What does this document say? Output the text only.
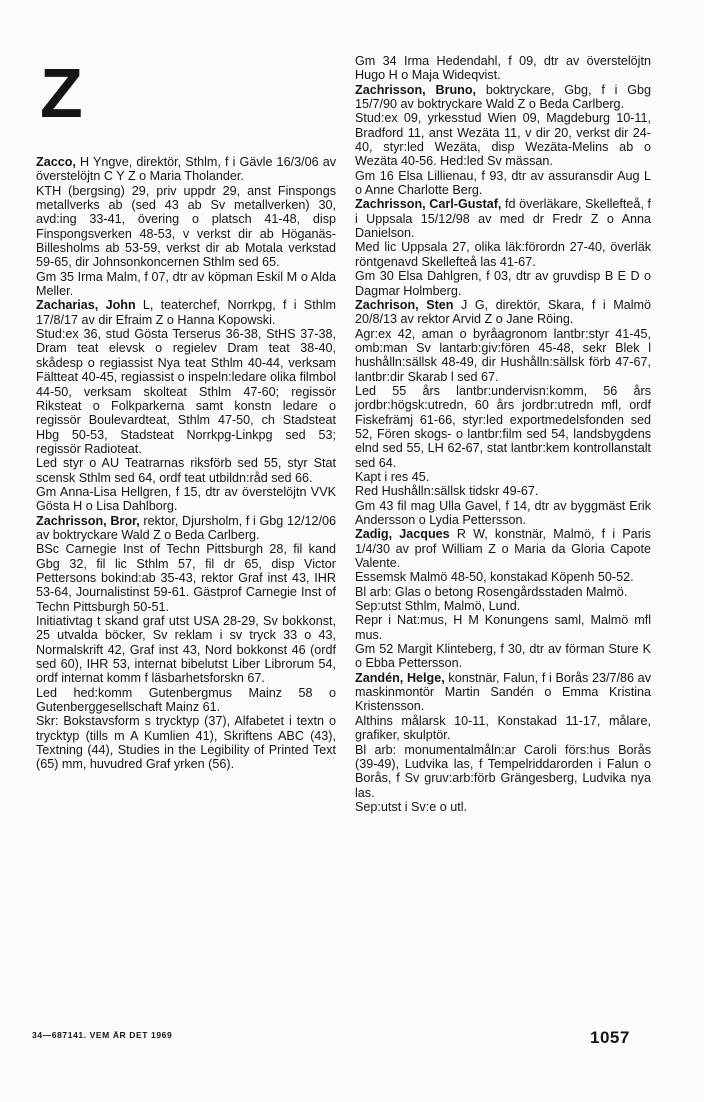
Z

Zacco, H Yngve, direktör, Sthlm, f i Gävle 16/3/06 av överstelöjtn C Y Z o Maria Tholander.

KTH (bergsing) 29, priv uppdr 29, anst Finspongs metallverks ab (sed 43 ab Sv metallverken) 30, avd:ing 33-41, övering o platsch 41-48, disp Finspongsverken 48-53, v verkst dir ab Höganäs-Billesholms ab 53-59, verkst dir ab Motala verkstad 59-65, dir Johnsonkoncernen Sthlm sed 65.

Gm 35 Irma Malm, f 07, dtr av köpman Eskil M o Alda Meller.

Zacharias, John L, teaterchef, Norrkpg, f i Sthlm 17/8/17 av dir Efraim Z o Hanna Kopowski.

Stud:ex 36, stud Gösta Terserus 36-38, StHS 37-38, Dram teat elevsk o regielev Dram teat 38-40, skådesp o regiassist Nya teat Sthlm 40-44, verksam Fältteat 40-45, regiassist o inspeln:ledare olika filmbol 44-50, verksam skolteat Sthlm 47-60; regissör Riksteat o Folkparkerna samt konstn ledare o regissör Boulevardteat, Sthlm 47-50, ch Stadsteat Hbg 50-53, Stadsteat Norrkpg-Linkpg sed 53; regissör Radioteat.

Led styr o AU Teatrarnas riksförb sed 55, styr Stat scensk Sthlm sed 64, ordf teat utbildn:råd sed 66.

Gm Anna-Lisa Hellgren, f 15, dtr av överstelöjtn VVK Gösta H o Lisa Dahlborg.

Zachrisson, Bror, rektor, Djursholm, f i Gbg 12/12/06 av boktryckare Wald Z o Beda Carlberg.

BSc Carnegie Inst of Techn Pittsburgh 28, fil kand Gbg 32, fil lic Sthlm 57, fil dr 65, disp Victor Pettersons bokind:ab 35-43, rektor Graf inst 43, IHR 53-64, Journalistinst 59-61. Gästprof Carnegie Inst of Techn Pittsburgh 50-51.

Initiativtag t skand graf utst USA 28-29, Sv bokkonst, 25 utvalda böcker, Sv reklam i sv tryck 33 o 43, Normalskrift 42, Graf inst 43, Nord bokkonst 46 (ordf sed 60), IHR 53, internat bibelutst Liber Librorum 54, ordf internat komm f läsbarhetsforskn 67.

Led hed:komm Gutenbergmus Mainz 58 o Gutenberggesellschaft Mainz 61.

Skr: Bokstavsform s trycktyp (37), Alfabetet i textn o trycktyp (tills m A Kumlien 41), Skriftens ABC (43), Textning (44), Studies in the Legibility of Printed Text (65) mm, huvudred Graf yrken (56).

Gm 34 Irma Hedendahl, f 09, dtr av överstelöjtn Hugo H o Maja Wideqvist.

Zachrisson, Bruno, boktryckare, Gbg, f i Gbg 15/7/90 av boktryckare Wald Z o Beda Carlberg.

Stud:ex 09, yrkesstud Wien 09, Magdeburg 10-11, Bradford 11, anst Wezäta 11, v dir 20, verkst dir 24-40, styr:led Wezäta, disp Wezäta-Melins ab o Wezäta 40-56. Hed:led Sv mässan.

Gm 16 Elsa Lillienau, f 93, dtr av assuransdir Aug L o Anne Charlotte Berg.

Zachrisson, Carl-Gustaf, fd överläkare, Skellefteå, f i Uppsala 15/12/98 av med dr Fredr Z o Anna Danielson.

Med lic Uppsala 27, olika läk:förordn 27-40, överläk röntgenavd Skellefteå las 41-67.

Gm 30 Elsa Dahlgren, f 03, dtr av gruvdisp B E D o Dagmar Holmberg.

Zachrison, Sten J G, direktör, Skara, f i Malmö 20/8/13 av rektor Arvid Z o Jane Röing.

Agr:ex 42, aman o byråagronom lantbr:styr 41-45, omb:man Sv lantarb:giv:fören 45-48, sekr Blek l hushålln:sällsk 48-49, dir Hushålln:sällsk förb 47-67, lantbr:dir Skarab l sed 67.

Led 55 års lantbr:undervisn:komm, 56 års jordbr:högsk:utredn, 60 års jordbr:utredn mfl, ordf Fiskefrämj 61-66, styr:led exportmedelsfonden sed 52, Fören skogs- o lantbr:film sed 54, landsbygdens elnd sed 55, LH 62-67, stat lantbr:kem kontrollanstalt sed 64.

Kapt i res 45.

Red Hushålln:sällsk tidskr 49-67.

Gm 43 fil mag Ulla Gavel, f 14, dtr av byggmäst Erik Andersson o Lydia Pettersson.

Zadig, Jacques R W, konstnär, Malmö, f i Paris 1/4/30 av prof William Z o Maria da Gloria Capote Valente.

Essemsk Malmö 48-50, konstakad Köpenh 50-52.

Bl arb: Glas o betong Rosengårdsstaden Malmö.

Sep:utst Sthlm, Malmö, Lund.

Repr i Nat:mus, H M Konungens saml, Malmö mfl mus.

Gm 52 Margit Klinteberg, f 30, dtr av förman Sture K o Ebba Pettersson.

Zandén, Helge, konstnär, Falun, f i Borås 23/7/86 av maskinmontör Martin Sandén o Emma Kristina Kristensson.

Althins målarsk 10-11, Konstakad 11-17, målare, grafiker, skulptör.

Bl arb: monumentalmåln:ar Caroli förs:hus Borås (39-49), Ludvika las, f Tempelriddarorden i Falun o Borås, f Sv gruv:arb:förb Grängesberg, Ludvika nya las.

Sep:utst i Sv:e o utl.

34—687141. VEM ÄR DET 1969	1057
